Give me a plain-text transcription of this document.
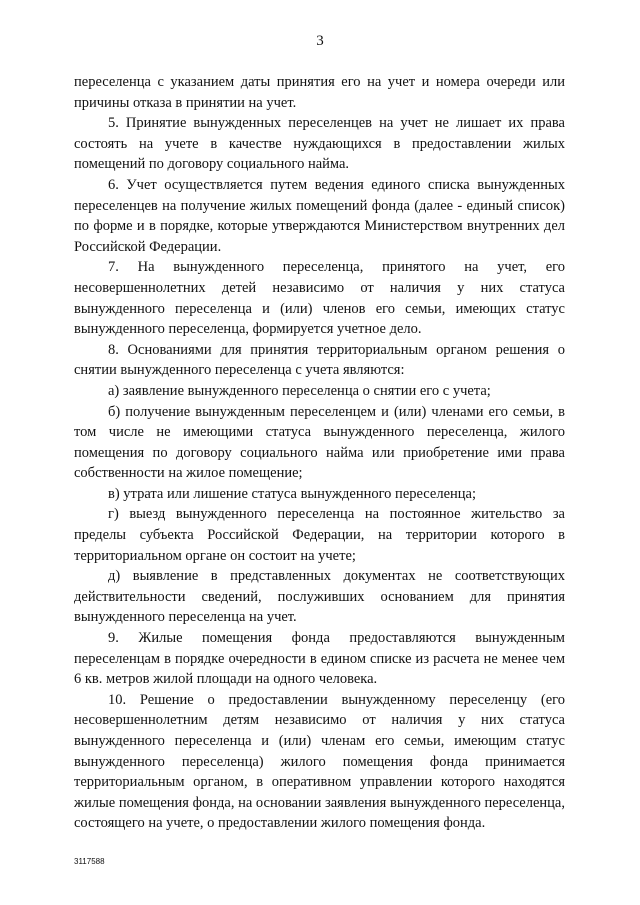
3

переселенца с указанием даты принятия его на учет и номера очереди или причины отказа в принятии на учет.

5. Принятие вынужденных переселенцев на учет не лишает их права состоять на учете в качестве нуждающихся в предоставлении жилых помещений по договору социального найма.

6. Учет осуществляется путем ведения единого списка вынужденных переселенцев на получение жилых помещений фонда (далее - единый список) по форме и в порядке, которые утверждаются Министерством внутренних дел Российской Федерации.

7. На вынужденного переселенца, принятого на учет, его несовершеннолетних детей независимо от наличия у них статуса вынужденного переселенца и (или) членов его семьи, имеющих статус вынужденного переселенца, формируется учетное дело.

8. Основаниями для принятия территориальным органом решения о снятии вынужденного переселенца с учета являются:

а) заявление вынужденного переселенца о снятии его с учета;

б) получение вынужденным переселенцем и (или) членами его семьи, в том числе не имеющими статуса вынужденного переселенца, жилого помещения по договору социального найма или приобретение ими права собственности на жилое помещение;

в) утрата или лишение статуса вынужденного переселенца;

г) выезд вынужденного переселенца на постоянное жительство за пределы субъекта Российской Федерации, на территории которого в территориальном органе он состоит на учете;

д) выявление в представленных документах не соответствующих действительности сведений, послуживших основанием для принятия вынужденного переселенца на учет.

9. Жилые помещения фонда предоставляются вынужденным переселенцам в порядке очередности в едином списке из расчета не менее чем 6 кв. метров жилой площади на одного человека.

10. Решение о предоставлении вынужденному переселенцу (его несовершеннолетним детям независимо от наличия у них статуса вынужденного переселенца и (или) членам его семьи, имеющим статус вынужденного переселенца) жилого помещения фонда принимается территориальным органом, в оперативном управлении которого находятся жилые помещения фонда, на основании заявления вынужденного переселенца, состоящего на учете, о предоставлении жилого помещения фонда.

3117588
